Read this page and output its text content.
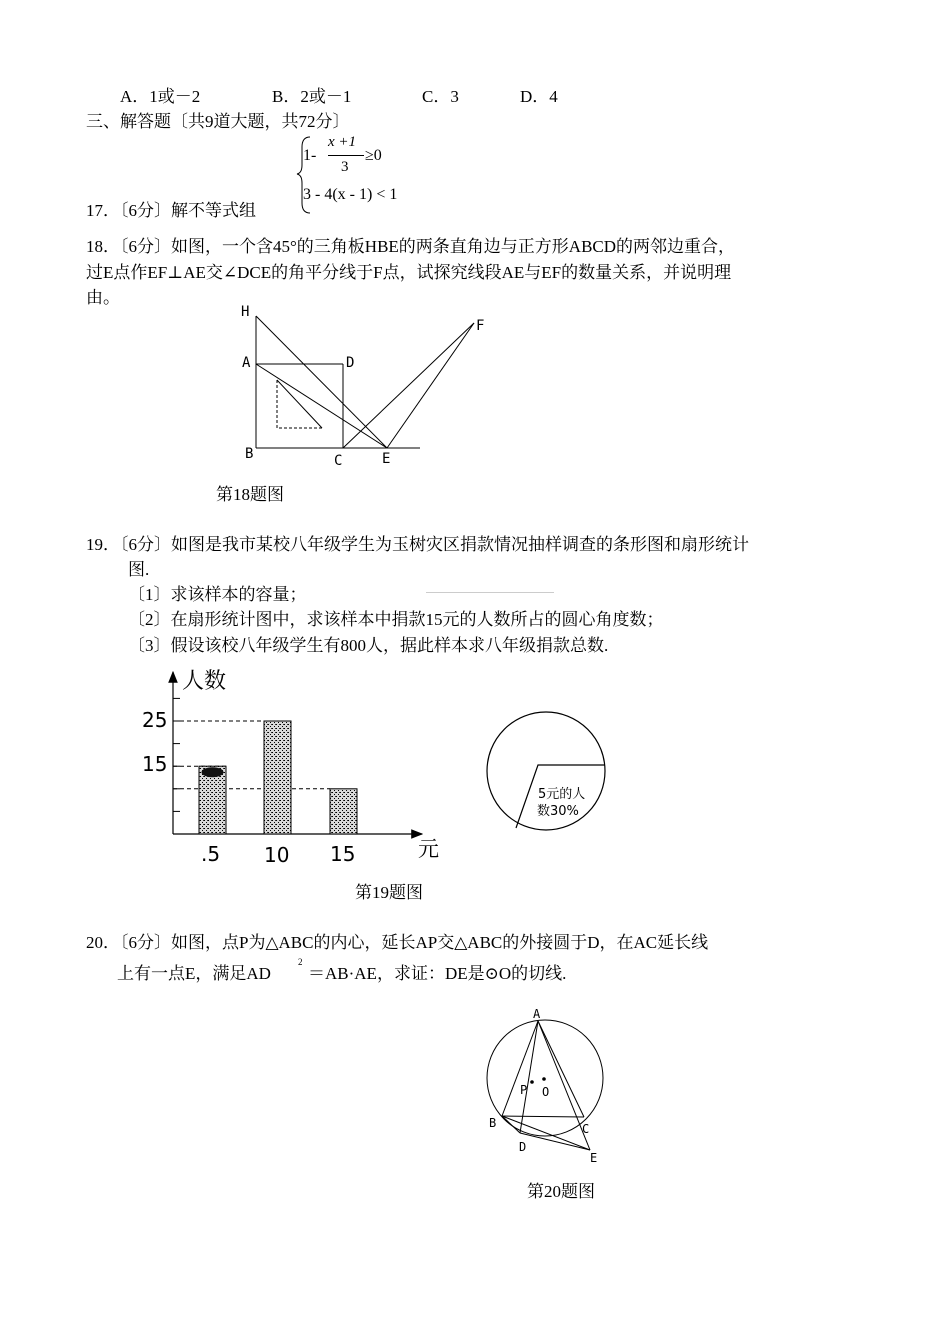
A．1或－2	B．2或－1	C．3	D．4
三、解答题〔共9道大题，共72分〕
17．〔6分〕解不等式组
1-
x +1
3
≥0
3 - 4(x - 1) < 1
18．〔6分〕如图，一个含45°的三角板HBE的两条直角边与正方形ABCD的两邻边重合，
过E点作EF⊥AE交∠DCE的角平分线于F点，试探究线段AE与EF的数量关系，并说明理
由。
H
A	D
F
B	C	E
第18题图
19．〔6分〕如图是我市某校八年级学生为玉树灾区捐款情况抽样调查的条形图和扇形统计
图.
〔1〕求该样本的容量；
〔2〕在扇形统计图中，求该样本中捐款15元的人数所占的圆心角度数；
〔3〕假设该校八年级学生有800人，据此样本求八年级捐款总数.
人数
元
25
15
.5 10 15
5元的人
数30%
第19题图
20．〔6分〕如图，点P为△ABC的内心，延长AP交△ABC的外接圆于D，在AC延长线
上有一点E，满足AD
2
＝AB·AE，求证：DE是⊙O的切线.
A
P O
B	C
D
E
第20题图
